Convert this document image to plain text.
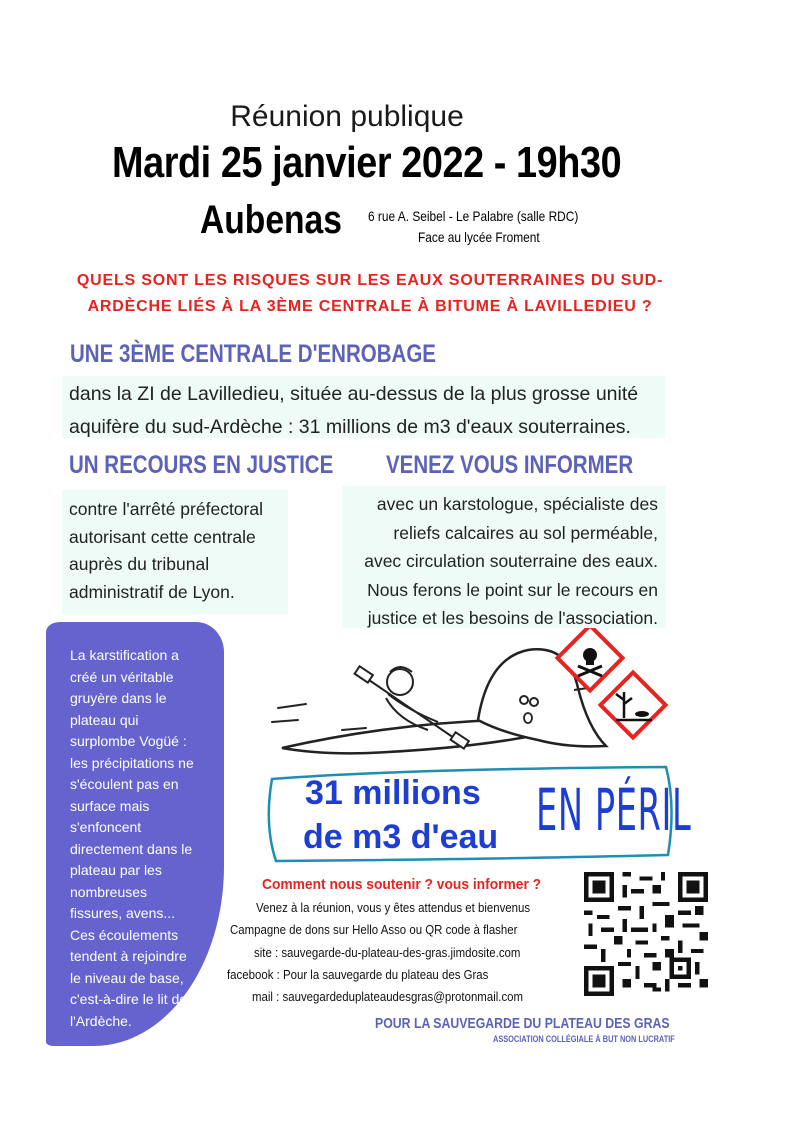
Réunion publique
Mardi 25 janvier 2022 - 19h30
Aubenas 6 rue A. Seibel - Le Palabre (salle RDC)
Face au lycée Froment
QUELS SONT LES RISQUES SUR LES EAUX SOUTERRAINES DU SUD-ARDÈCHE LIÉS À LA 3ÈME CENTRALE À BITUME À LAVILLEDIEU ?
UNE 3ÈME CENTRALE D'ENROBAGE

dans la ZI de Lavilledieu, située au-dessus de la plus grosse unité

aquifère du sud-Ardèche : 31 millions de m3 d'eaux souterraines.

UN RECOURS EN JUSTICE VENEZ VOUS INFORMER

contre l'arrêté préfectoral
autorisant cette centrale
auprès du tribunal
administratif de Lyon.

avec un karstologue, spécialiste des
reliefs calcaires au sol perméable,
avec circulation souterraine des eaux.
Nous ferons le point sur le recours en
justice et les besoins de l'association.

La karstification a
créé un véritable
gruyère dans le
plateau qui
surplombe Vogüé :
les précipitations ne
s'écoulent pas en
surface mais
s'enfoncent
directement dans le
plateau par les
nombreuses
fissures, avens...
Ces écoulements
tendent à rejoindre
le niveau de base,
c'est-à-dire le lit de
l'Ardèche.

31 millions
de m3 d'eau EN PÉRIL
Comment nous soutenir ? vous informer ?
Venez à la réunion, vous y êtes attendus et bienvenus
Campagne de dons sur Hello Asso ou QR code à flasher
site : sauvegarde-du-plateau-des-gras.jimdosite.com
facebook : Pour la sauvegarde du plateau des Gras
mail : sauvegardeduplateaudesgras@protonmail.com
POUR LA SAUVEGARDE DU PLATEAU DES GRAS
ASSOCIATION COLLÉGIALE À BUT NON LUCRATIF
